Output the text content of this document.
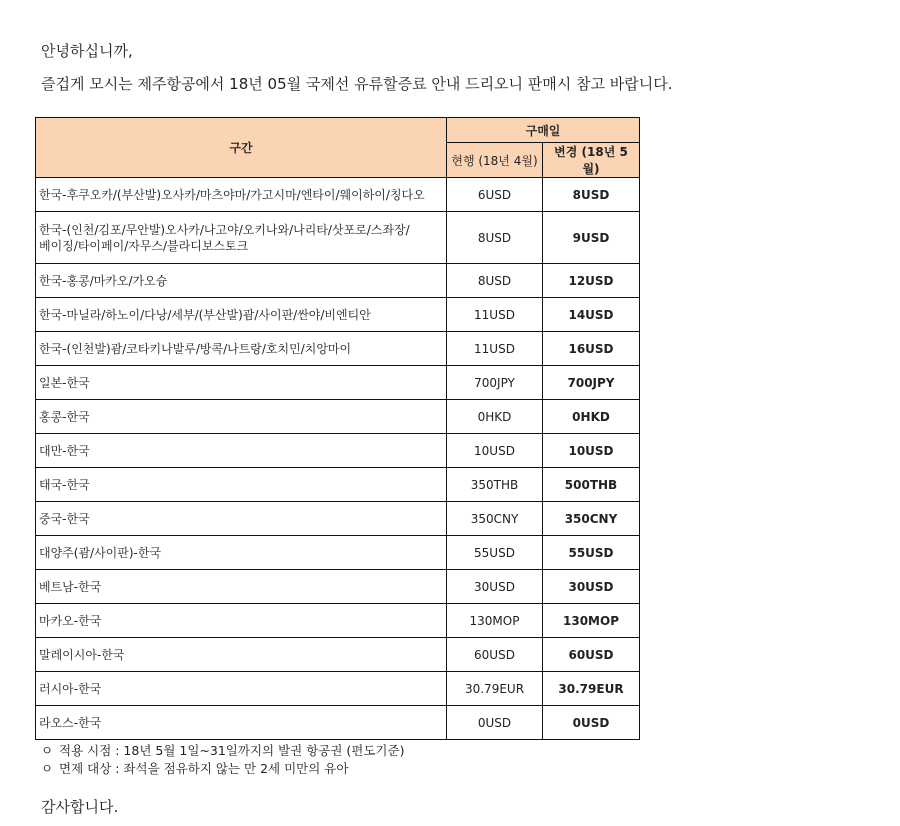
안녕하십니까,
즐겁게 모시는 제주항공에서 18년 05월 국제선 유류할증료 안내 드리오니 판매시 참고 바랍니다.
구간	구매일	
	현행 (18년 4월)	변경 (18년 5월)
한국-후쿠오카/(부산발)오사카/마츠야마/가고시마/엔타이/웨이하이/칭다오	6USD	8USD
한국-(인천/김포/무안발)오사카/나고야/오키나와/나리타/삿포로/스좌장/베이징/타이페이/자무스/블라디보스토크	8USD	9USD
한국-홍콩/마카오/가오슝	8USD	12USD
한국-마닐라/하노이/다낭/세부/(부산발)괌/사이판/싼야/비엔티안	11USD	14USD
한국-(인천발)괌/코타키나발루/방콕/나트랑/호치민/치앙마이	11USD	16USD
일본-한국	700JPY	700JPY
홍콩-한국	0HKD	0HKD
대만-한국	10USD	10USD
태국-한국	350THB	500THB
중국-한국	350CNY	350CNY
대양주(괌/사이판)-한국	55USD	55USD
베트남-한국	30USD	30USD
마카오-한국	130MOP	130MOP
말레이시아-한국	60USD	60USD
러시아-한국	30.79EUR	30.79EUR
라오스-한국	0USD	0USD
ㅇ 적용 시점 : 18년 5월 1일~31일까지의 발권 항공권 (편도기준)
ㅇ 면제 대상 : 좌석을 점유하지 않는 만 2세 미만의 유아
감사합니다.
